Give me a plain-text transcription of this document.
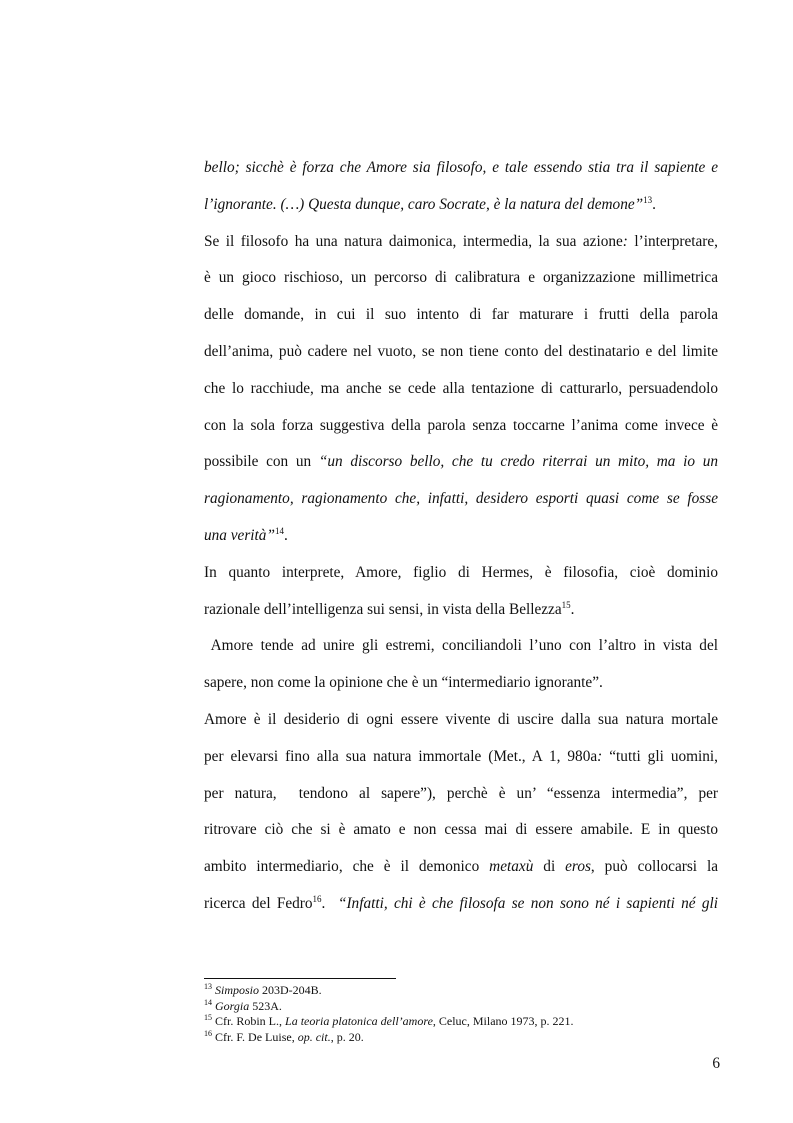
bello; sicchè è forza che Amore sia filosofo, e tale essendo stia tra il sapiente e
l’ignorante. (…) Questa dunque, caro Socrate, è la natura del demone”$^{13}$.

Se il filosofo ha una natura daimonica, intermedia, la sua azione: l’interpretare,
è un gioco rischioso, un percorso di calibratura e organizzazione millimetrica
delle domande, in cui il suo intento di far maturare i frutti della parola
dell’anima, può cadere nel vuoto, se non tiene conto del destinatario e del limite
che lo racchiude, ma anche se cede alla tentazione di catturarlo, persuadendolo
con la sola forza suggestiva della parola senza toccarne l’anima come invece è
possibile con un “un discorso bello, che tu credo riterrai un mito, ma io un
ragionamento, ragionamento che, infatti, desidero esporti quasi come se fosse
una verità”$^{14}$.

In quanto interprete, Amore, figlio di Hermes, è filosofia, cioè dominio
razionale dell’intelligenza sui sensi, in vista della Bellezza$^{15}$.

Amore tende ad unire gli estremi, conciliandoli l’uno con l’altro in vista del
sapere, non come la opinione che è un “intermediario ignorante”.

Amore è il desiderio di ogni essere vivente di uscire dalla sua natura mortale
per elevarsi fino alla sua natura immortale (Met., A 1, 980a: “tutti gli uomini,
per natura,  tendono al sapere”), perchè è un’ “essenza intermedia”, per
ritrovare ciò che si è amato e non cessa mai di essere amabile. E in questo
ambito intermediario, che è il demonico metaxù di eros, può collocarsi la
ricerca del Fedro$^{16}$.  “Infatti, chi è che filosofa se non sono né i sapienti né gli

$^{13}$ Simposio 203D-204B.
$^{14}$ Gorgia 523A.
$^{15}$ Cfr. Robin L., La teoria platonica dell’amore, Celuc, Milano 1973, p. 221.
$^{16}$ Cfr. F. De Luise, op. cit., p. 20.
6
